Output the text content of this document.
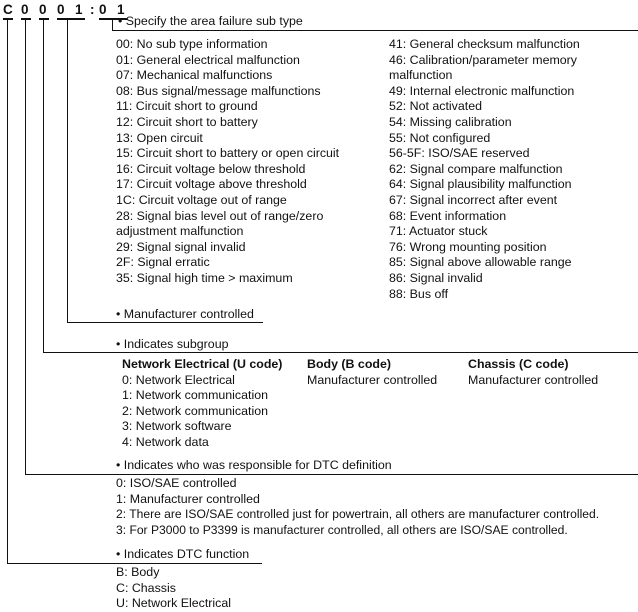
C 0 0 0 1 : 0 1
• Specify the area failure sub type
00: No sub type information
01: General electrical malfunction
07: Mechanical malfunctions
08: Bus signal/message malfunctions
11: Circuit short to ground
12: Circuit short to battery
13: Open circuit
15: Circuit short to battery or open circuit
16: Circuit voltage below threshold
17: Circuit voltage above threshold
1C: Circuit voltage out of range
28: Signal bias level out of range/zero
adjustment malfunction
29: Signal signal invalid
2F: Signal erratic
35: Signal high time > maximum
41: General checksum malfunction
46: Calibration/parameter memory
malfunction
49: Internal electronic malfunction
52: Not activated
54: Missing calibration
55: Not configured
56-5F: ISO/SAE reserved
62: Signal compare malfunction
64: Signal plausibility malfunction
67: Signal incorrect after event
68: Event information
71: Actuator stuck
76: Wrong mounting position
85: Signal above allowable range
86: Signal invalid
88: Bus off
• Manufacturer controlled
• Indicates subgroup
Network Electrical (U code)
0: Network Electrical
1: Network communication
2: Network communication
3: Network software
4: Network data
Body (B code)
Manufacturer controlled
Chassis (C code)
Manufacturer controlled
• Indicates who was responsible for DTC definition
0: ISO/SAE controlled
1: Manufacturer controlled
2: There are ISO/SAE controlled just for powertrain, all others are manufacturer controlled.
3: For P3000 to P3399 is manufacturer controlled, all others are ISO/SAE controlled.
• Indicates DTC function
B: Body
C: Chassis
U: Network Electrical
